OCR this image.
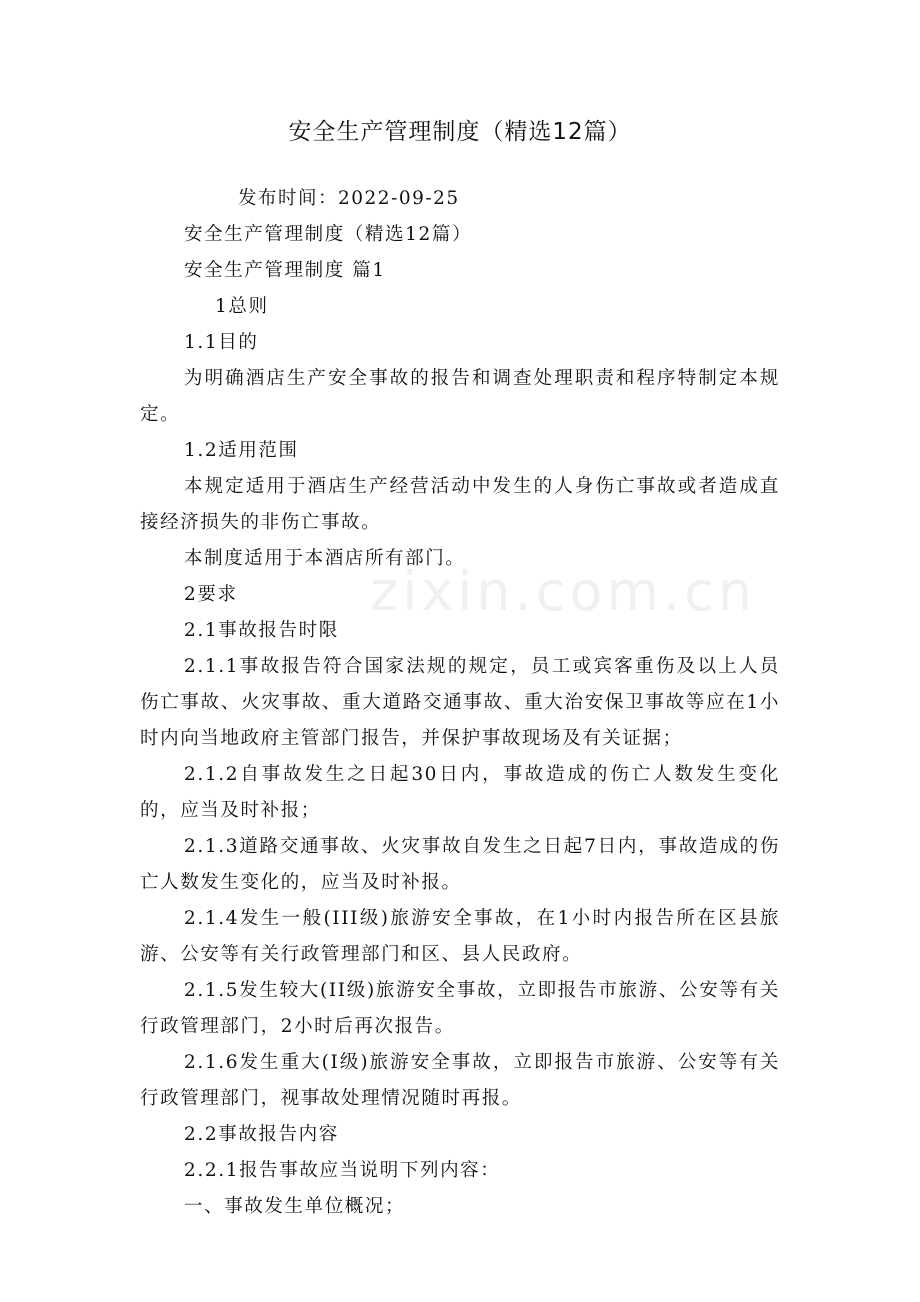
zixin.com.cn
安全生产管理制度（精选12篇）
发布时间：2022-09-25

安全生产管理制度（精选12篇）

安全生产管理制度 篇1

1总则

1.1目的

为明确酒店生产安全事故的报告和调查处理职责和程序特制定本规定。

1.2适用范围

本规定适用于酒店生产经营活动中发生的人身伤亡事故或者造成直接经济损失的非伤亡事故。

本制度适用于本酒店所有部门。

2要求

2.1事故报告时限

2.1.1事故报告符合国家法规的规定，员工或宾客重伤及以上人员伤亡事故、火灾事故、重大道路交通事故、重大治安保卫事故等应在1小时内向当地政府主管部门报告，并保护事故现场及有关证据；

2.1.2自事故发生之日起30日内，事故造成的伤亡人数发生变化的，应当及时补报；

2.1.3道路交通事故、火灾事故自发生之日起7日内，事故造成的伤亡人数发生变化的，应当及时补报。

2.1.4发生一般(III级)旅游安全事故，在1小时内报告所在区县旅游、公安等有关行政管理部门和区、县人民政府。

2.1.5发生较大(II级)旅游安全事故，立即报告市旅游、公安等有关行政管理部门，2小时后再次报告。

2.1.6发生重大(I级)旅游安全事故，立即报告市旅游、公安等有关行政管理部门，视事故处理情况随时再报。

2.2事故报告内容

2.2.1报告事故应当说明下列内容：

一、事故发生单位概况；
